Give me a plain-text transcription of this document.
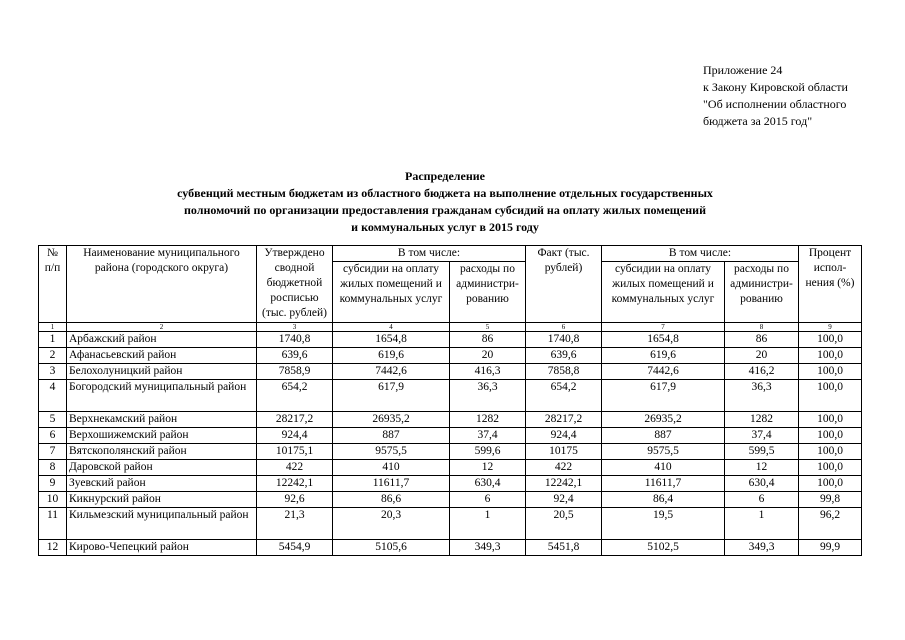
Приложение 24
к Закону Кировской области
"Об исполнении областного
бюджета за 2015 год"
Распределение
субвенций местным бюджетам из областного бюджета на выполнение отдельных государственных
полномочий по организации предоставления гражданам субсидий на оплату жилых помещений
и коммунальных услуг в 2015 году
№ п/п	Наименование муниципального района (городского округа)	Утверждено сводной бюджетной росписью (тыс. рублей)	В том числе:		Факт (тыс. рублей)	В том числе:		Процент испол-нения (%)
			субсидии на оплату жилых помещений и коммунальных услуг	расходы по администри-рованию		субсидии на оплату жилых помещений и коммунальных услуг	расходы по администри-рованию	
1	2	3	4	5	6	7	8	9
1	Арбажский район	1740,8	1654,8	86	1740,8	1654,8	86	100,0
2	Афанасьевский район	639,6	619,6	20	639,6	619,6	20	100,0
3	Белохолуницкий район	7858,9	7442,6	416,3	7858,8	7442,6	416,2	100,0
4	Богородский муниципальный район	654,2	617,9	36,3	654,2	617,9	36,3	100,0
5	Верхнекамский район	28217,2	26935,2	1282	28217,2	26935,2	1282	100,0
6	Верхошижемский район	924,4	887	37,4	924,4	887	37,4	100,0
7	Вятскополянский район	10175,1	9575,5	599,6	10175	9575,5	599,5	100,0
8	Даровской район	422	410	12	422	410	12	100,0
9	Зуевский район	12242,1	11611,7	630,4	12242,1	11611,7	630,4	100,0
10	Кикнурский район	92,6	86,6	6	92,4	86,4	6	99,8
11	Кильмезский муниципальный район	21,3	20,3	1	20,5	19,5	1	96,2
12	Кирово-Чепецкий район	5454,9	5105,6	349,3	5451,8	5102,5	349,3	99,9
